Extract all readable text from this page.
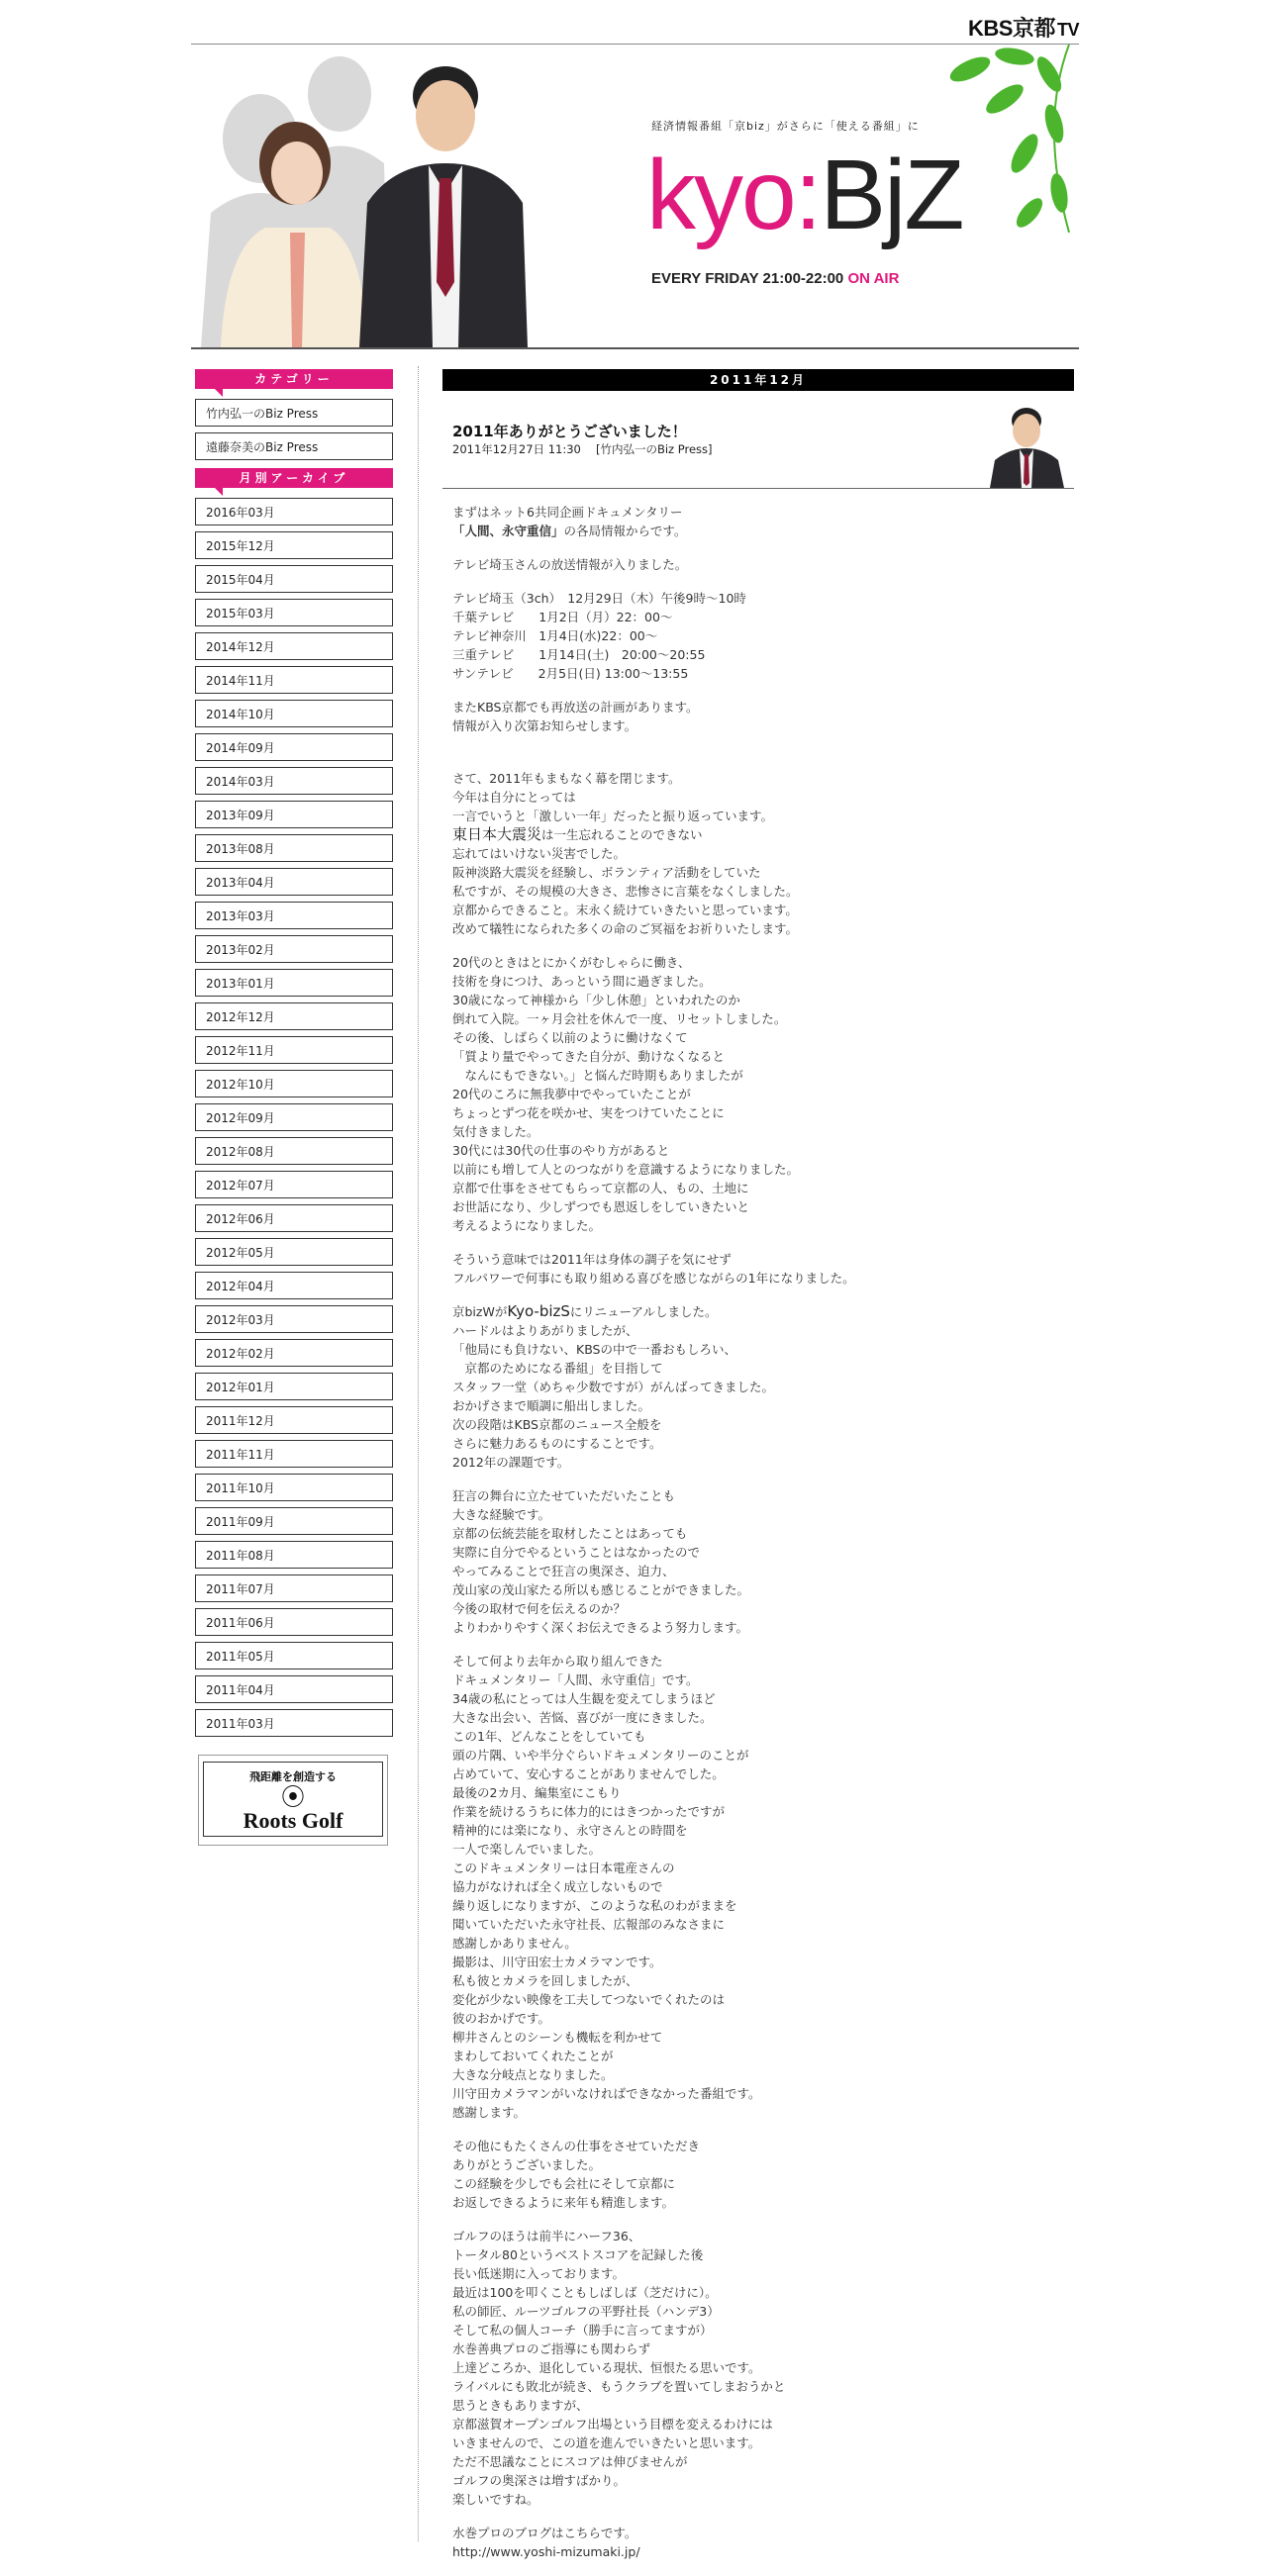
KBS京都 TV
経済情報番組「京biz」がさらに「使える番組」に
kyo:BjZ
EVERY FRIDAY 21:00-22:00 ON AIR
カテゴリー
竹内弘一のBiz Press
遠藤奈美のBiz Press
月別アーカイブ
2016年03月
2015年12月
2015年04月
2015年03月
2014年12月
2014年11月
2014年10月
2014年09月
2014年03月
2013年09月
2013年08月
2013年04月
2013年03月
2013年02月
2013年01月
2012年12月
2012年11月
2012年10月
2012年09月
2012年08月
2012年07月
2012年06月
2012年05月
2012年04月
2012年03月
2012年02月
2012年01月
2011年12月
2011年11月
2011年10月
2011年09月
2011年08月
2011年07月
2011年06月
2011年05月
2011年04月
2011年03月
飛距離を創造する
⦿
Roots Golf
2011年12月
2011年ありがとうございました！
2011年12月27日 11:30　 [竹内弘一のBiz Press]

まずはネット6共同企画ドキュメンタリー
「人間、永守重信」の各局情報からです。

テレビ埼玉さんの放送情報が入りました。

テレビ埼玉（3ch）　12月29日（木）午後9時〜10時
千葉テレビ　　1月2日（月）22：00〜
テレビ神奈川　1月4日(水)22：00〜
三重テレビ　　1月14日(土)　20:00〜20:55
サンテレビ　　2月5日(日) 13:00〜13:55

またKBS京都でも再放送の計画があります。
情報が入り次第お知らせします。

さて、2011年もまもなく幕を閉じます。
今年は自分にとっては
一言でいうと「激しい一年」だったと振り返っています。
東日本大震災は一生忘れることのできない
忘れてはいけない災害でした。
阪神淡路大震災を経験し、ボランティア活動をしていた
私ですが、その規模の大きさ、悲惨さに言葉をなくしました。
京都からできること。末永く続けていきたいと思っています。
改めて犠牲になられた多くの命のご冥福をお祈りいたします。

20代のときはとにかくがむしゃらに働き、
技術を身につけ、あっという間に過ぎました。
30歳になって神様から「少し休憩」といわれたのか
倒れて入院。一ヶ月会社を休んで一度、リセットしました。
その後、しばらく以前のように働けなくて
「質より量でやってきた自分が、動けなくなると
　なんにもできない。」と悩んだ時期もありましたが
20代のころに無我夢中でやっていたことが
ちょっとずつ花を咲かせ、実をつけていたことに
気付きました。
30代には30代の仕事のやり方があると
以前にも増して人とのつながりを意識するようになりました。
京都で仕事をさせてもらって京都の人、もの、土地に
お世話になり、少しずつでも恩返しをしていきたいと
考えるようになりました。

そういう意味では2011年は身体の調子を気にせず
フルパワーで何事にも取り組める喜びを感じながらの1年になりました。

京bizWがKyo-bizSにリニューアルしました。
ハードルはよりあがりましたが、
「他局にも負けない、KBSの中で一番おもしろい、
　京都のためになる番組」を目指して
スタッフ一堂（めちゃ少数ですが）がんばってきました。
おかげさまで順調に船出しました。
次の段階はKBS京都のニュース全般を
さらに魅力あるものにすることです。
2012年の課題です。

狂言の舞台に立たせていただいたことも
大きな経験です。
京都の伝統芸能を取材したことはあっても
実際に自分でやるということはなかったので
やってみることで狂言の奥深さ、迫力、
茂山家の茂山家たる所以も感じることができました。
今後の取材で何を伝えるのか？
よりわかりやすく深くお伝えできるよう努力します。

そして何より去年から取り組んできた
ドキュメンタリー「人間、永守重信」です。
34歳の私にとっては人生観を変えてしまうほど
大きな出会い、苦悩、喜びが一度にきました。
この1年、どんなことをしていても
頭の片隅、いや半分ぐらいドキュメンタリーのことが
占めていて、安心することがありませんでした。
最後の2カ月、編集室にこもり
作業を続けるうちに体力的にはきつかったですが
精神的には楽になり、永守さんとの時間を
一人で楽しんでいました。
このドキュメンタリーは日本電産さんの
協力がなければ全く成立しないもので
繰り返しになりますが、このような私のわがままを
聞いていただいた永守社長、広報部のみなさまに
感謝しかありません。
撮影は、川守田宏士カメラマンです。
私も彼とカメラを回しましたが、
変化が少ない映像を工夫してつないでくれたのは
彼のおかげです。
柳井さんとのシーンも機転を利かせて
まわしておいてくれたことが
大きな分岐点となりました。
川守田カメラマンがいなければできなかった番組です。
感謝します。

その他にもたくさんの仕事をさせていただき
ありがとうございました。
この経験を少しでも会社にそして京都に
お返しできるように来年も精進します。

ゴルフのほうは前半にハーフ36、
トータル80というベストスコアを記録した後
長い低迷期に入っております。
最近は100を叩くこともしばしば（芝だけに）。
私の師匠、ルーツゴルフの平野社長（ハンデ3）
そして私の個人コーチ（勝手に言ってますが）
水巻善典プロのご指導にも関わらず
上達どころか、退化している現状、恒恨たる思いです。
ライバルにも敗北が続き、もうクラブを置いてしまおうかと
思うときもありますが、
京都滋賀オープンゴルフ出場という目標を変えるわけには
いきませんので、この道を進んでいきたいと思います。
ただ不思議なことにスコアは伸びませんが
ゴルフの奥深さは増すばかり。
楽しいですね。

水巻プロのブログはこちらです。
http://www.yoshi-mizumaki.jp/
